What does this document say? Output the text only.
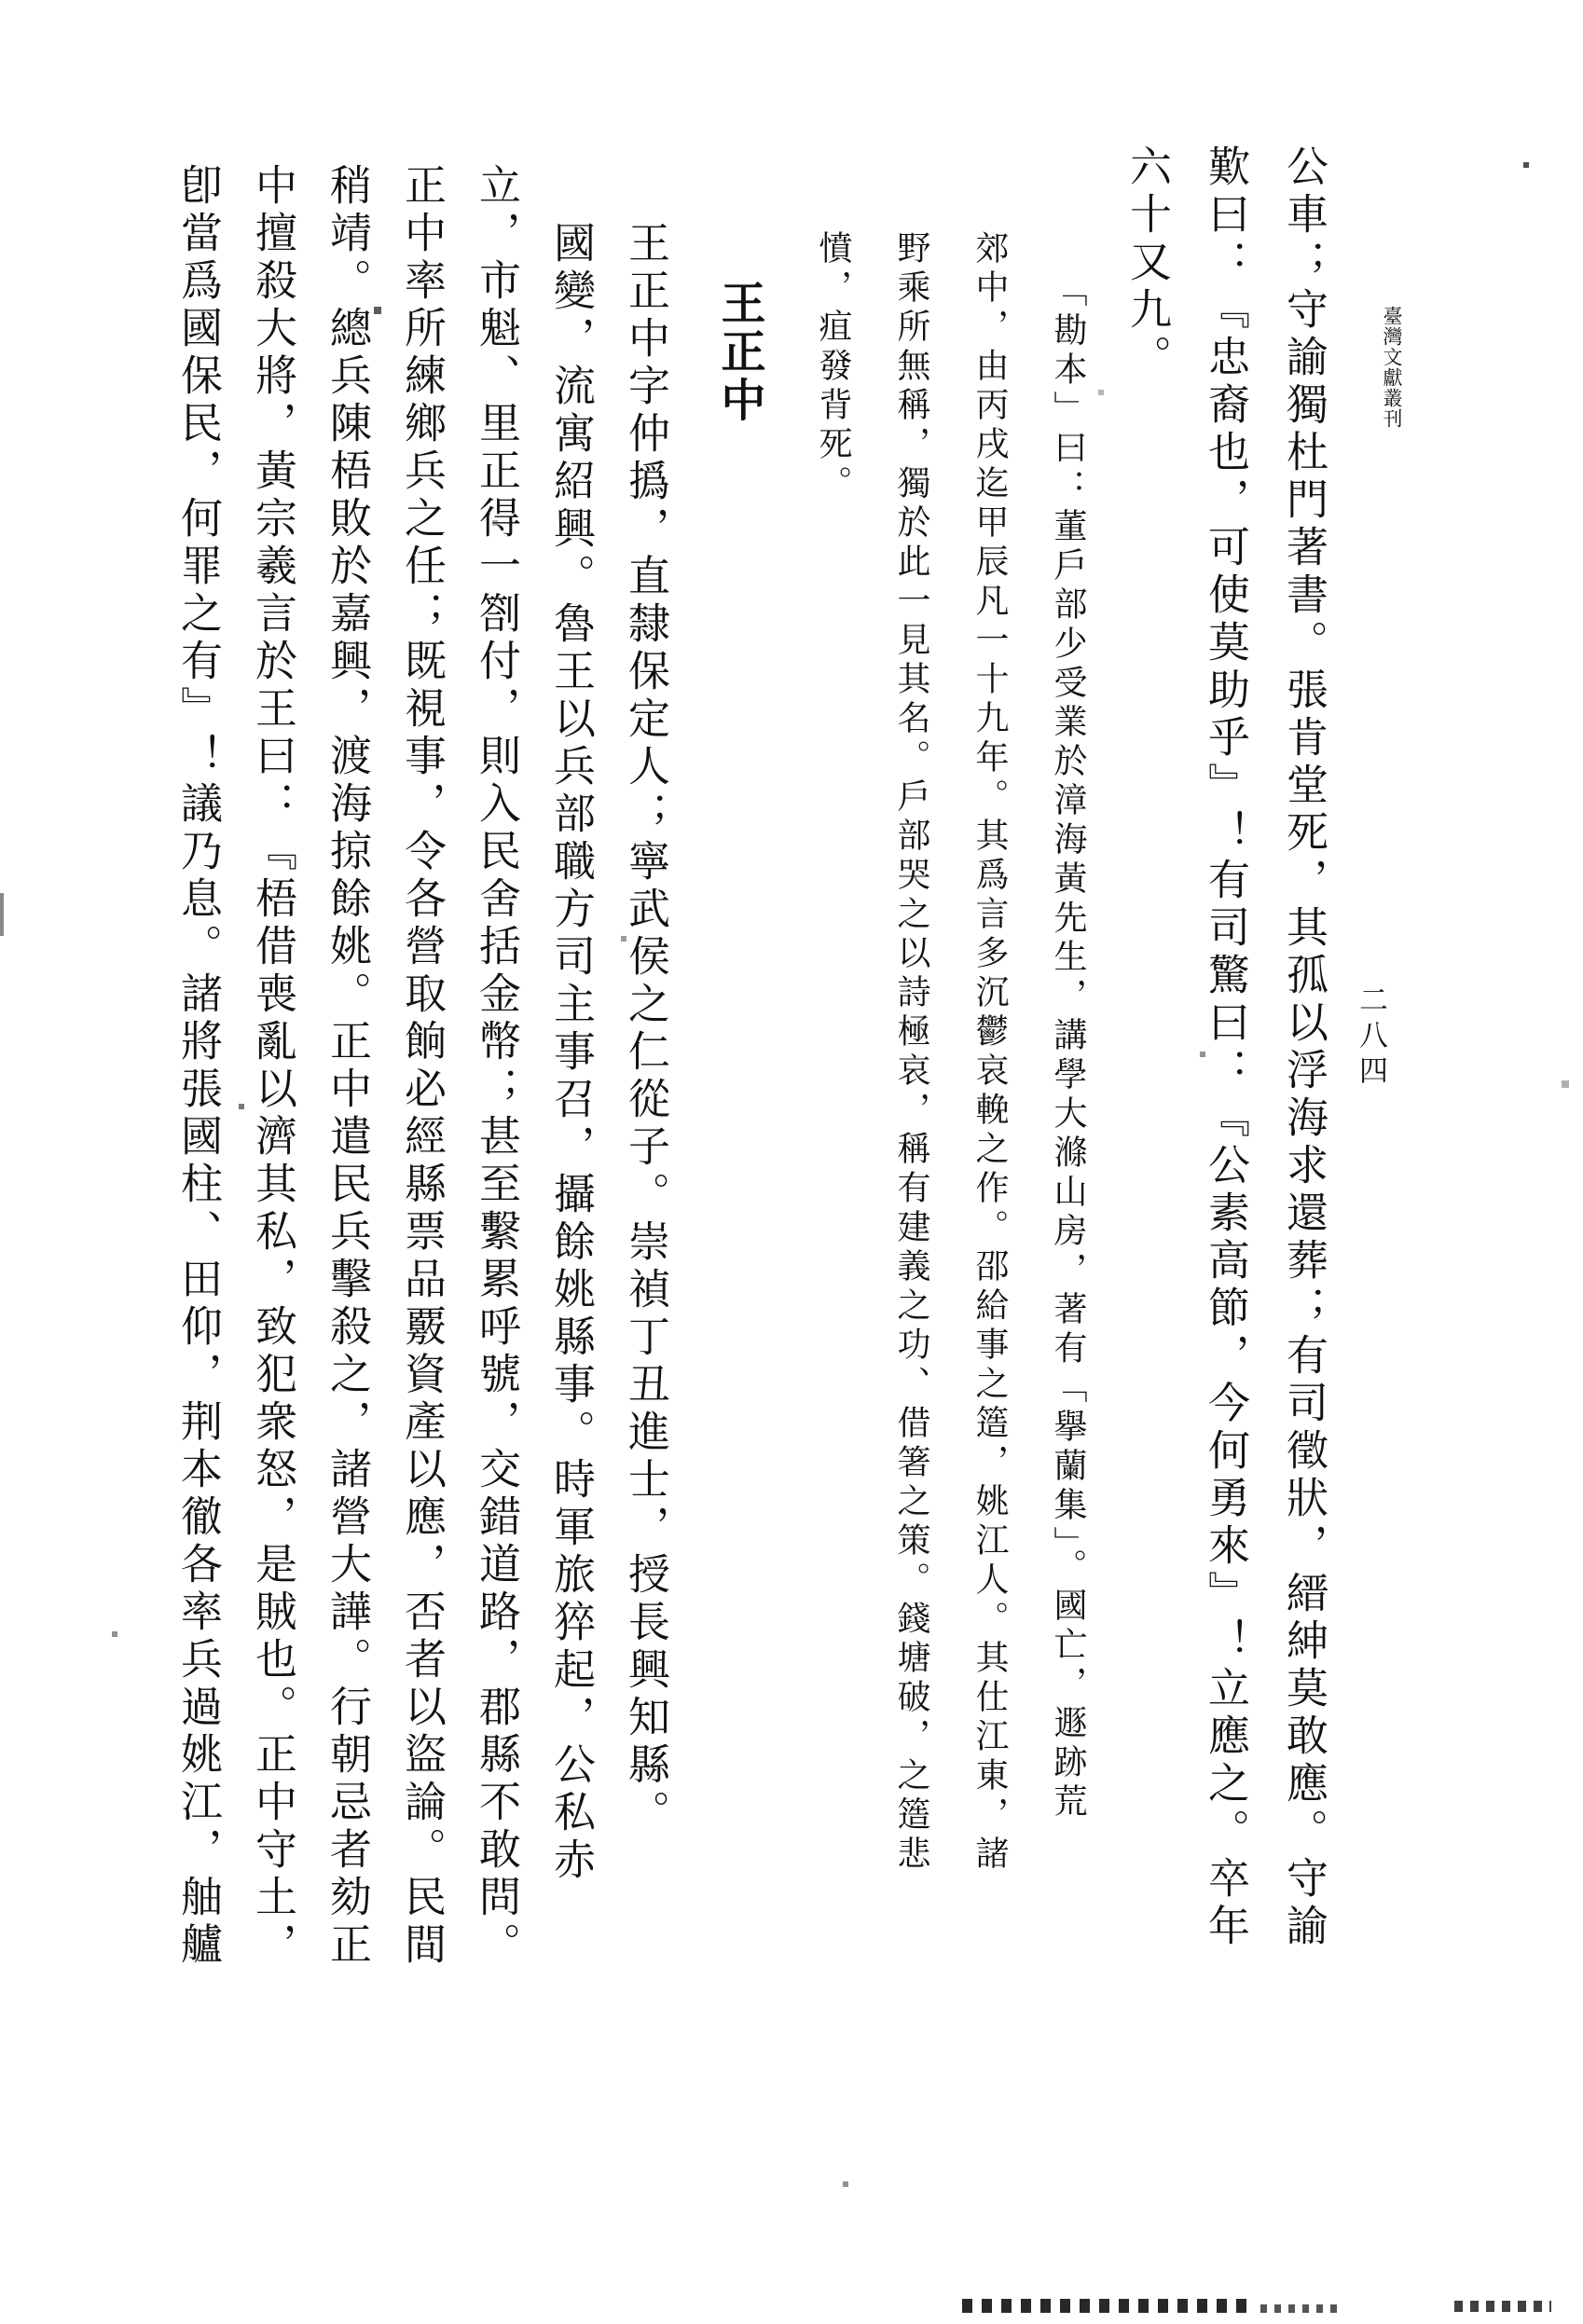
臺灣文獻叢刊
二八四

公車；守諭獨杜門著書。張肯堂死，其孤以浮海求還葬；有司徵狀，縉紳莫敢應。守諭

歎曰：『忠裔也，可使莫助乎』！有司驚曰：『公素高節，今何勇來』！立應之。卒年

六十又九。

「勘本」曰：董戶部少受業於漳海黃先生，講學大滌山房，著有「擧蘭集」。國亡，遯跡荒

郊中，由丙戌迄甲辰凡一十九年。其爲言多沉鬱哀輓之作。邵給事之簉，姚江人。其仕江東，諸

野乘所無稱，獨於此一見其名。戶部哭之以詩極哀，稱有建義之功、借箸之策。錢塘破，之簉悲

憤，疽發背死。

王正中

王正中字仲撝，直隸保定人；寧武侯之仁從子。崇禎丁丑進士，授長興知縣。

國變，流寓紹興。魯王以兵部職方司主事召，攝餘姚縣事。時軍旅猝起，公私赤

立，市魁、里正得一劄付，則入民舍括金幣；甚至繫累呼號，交錯道路，郡縣不敢問。

正中率所練鄉兵之任；既視事，令各營取餉必經縣票品覈資產以應，否者以盜論。民間

稍靖。總兵陳梧敗於嘉興，渡海掠餘姚。正中遣民兵擊殺之，諸營大譁。行朝忌者劾正

中擅殺大將，黃宗羲言於王曰：『梧借喪亂以濟其私，致犯衆怒，是賊也。正中守土，

卽當爲國保民，何罪之有』！議乃息。諸將張國柱、田仰，荆本徹各率兵過姚江，舳艫
